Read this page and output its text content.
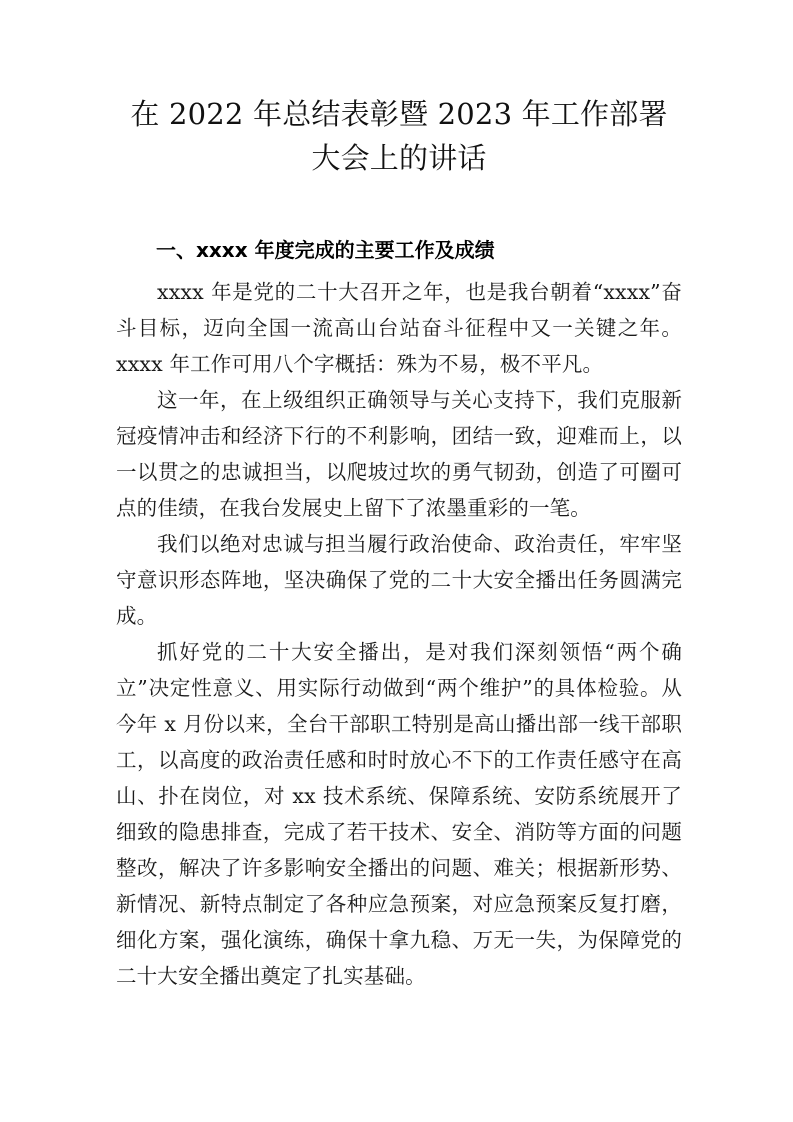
在 2022 年总结表彰暨 2023 年工作部署大会上的讲话
一、xxxx 年度完成的主要工作及成绩

xxxx 年是党的二十大召开之年，也是我台朝着“xxxx”奋斗目标，迈向全国一流高山台站奋斗征程中又一关键之年。xxxx 年工作可用八个字概括：殊为不易，极不平凡。

这一年，在上级组织正确领导与关心支持下，我们克服新冠疫情冲击和经济下行的不利影响，团结一致，迎难而上，以一以贯之的忠诚担当，以爬坡过坎的勇气韧劲，创造了可圈可点的佳绩，在我台发展史上留下了浓墨重彩的一笔。

我们以绝对忠诚与担当履行政治使命、政治责任，牢牢坚守意识形态阵地，坚决确保了党的二十大安全播出任务圆满完成。

抓好党的二十大安全播出，是对我们深刻领悟“两个确立”决定性意义、用实际行动做到“两个维护”的具体检验。从今年 x 月份以来，全台干部职工特别是高山播出部一线干部职工，以高度的政治责任感和时时放心不下的工作责任感守在高山、扑在岗位，对 xx 技术系统、保障系统、安防系统展开了细致的隐患排查，完成了若干技术、安全、消防等方面的问题整改，解决了许多影响安全播出的问题、难关；根据新形势、新情况、新特点制定了各种应急预案，对应急预案反复打磨，细化方案，强化演练，确保十拿九稳、万无一失，为保障党的二十大安全播出奠定了扎实基础。
